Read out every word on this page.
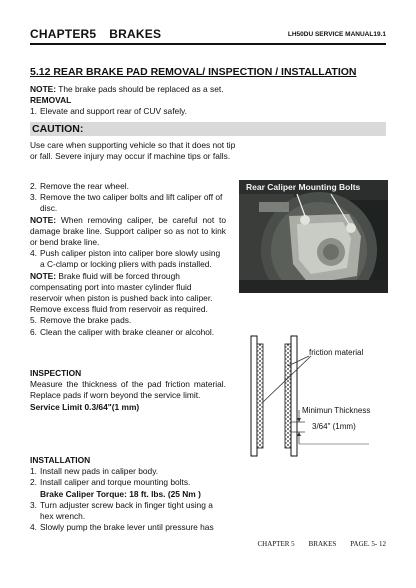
CHAPTER5 BRAKES	LH50DU SERVICE MANUAL19.1
5.12 REAR BRAKE PAD REMOVAL/ INSPECTION / INSTALLATION
NOTE: The brake pads should be replaced as a set.
REMOVAL
1. Elevate and support rear of CUV safely.
CAUTION:
Use care when supporting vehicle so that it does not tip or fall. Severe injury may occur if machine tips or falls.
2. Remove the rear wheel.
3. Remove the two caliper bolts and lift caliper off of
disc.
NOTE: When removing caliper, be careful not to damage brake line. Support caliper so as not to kink or bend brake line.
4. Push caliper piston into caliper bore slowly using
a C-clamp or locking pliers with pads installed.
NOTE: Brake fluid will be forced through compensating port into master cylinder fluid reservoir when piston is pushed back into caliper. Remove excess fluid from reservoir as required.
5. Remove the brake pads.
6. Clean the caliper with brake cleaner or alcohol.
INSPECTION
Measure the thickness of the pad friction material. Replace pads if worn beyond the service limit.
Service Limit 0.3/64"(1 mm)
INSTALLATION
1. Install new pads in caliper body.
2. Install caliper and torque mounting bolts.
Brake Caliper Torque: 18 ft. lbs. (25 Nm )
3. Turn adjuster screw back in finger tight using a
hex wrench.
4. Slowly pump the brake lever until pressure has
Rear Caliper Mounting Bolts
friction material
Minimun Thickness
3/64" (1mm)
CHAPTER 5 BRAKES PAGE. 5- 12
